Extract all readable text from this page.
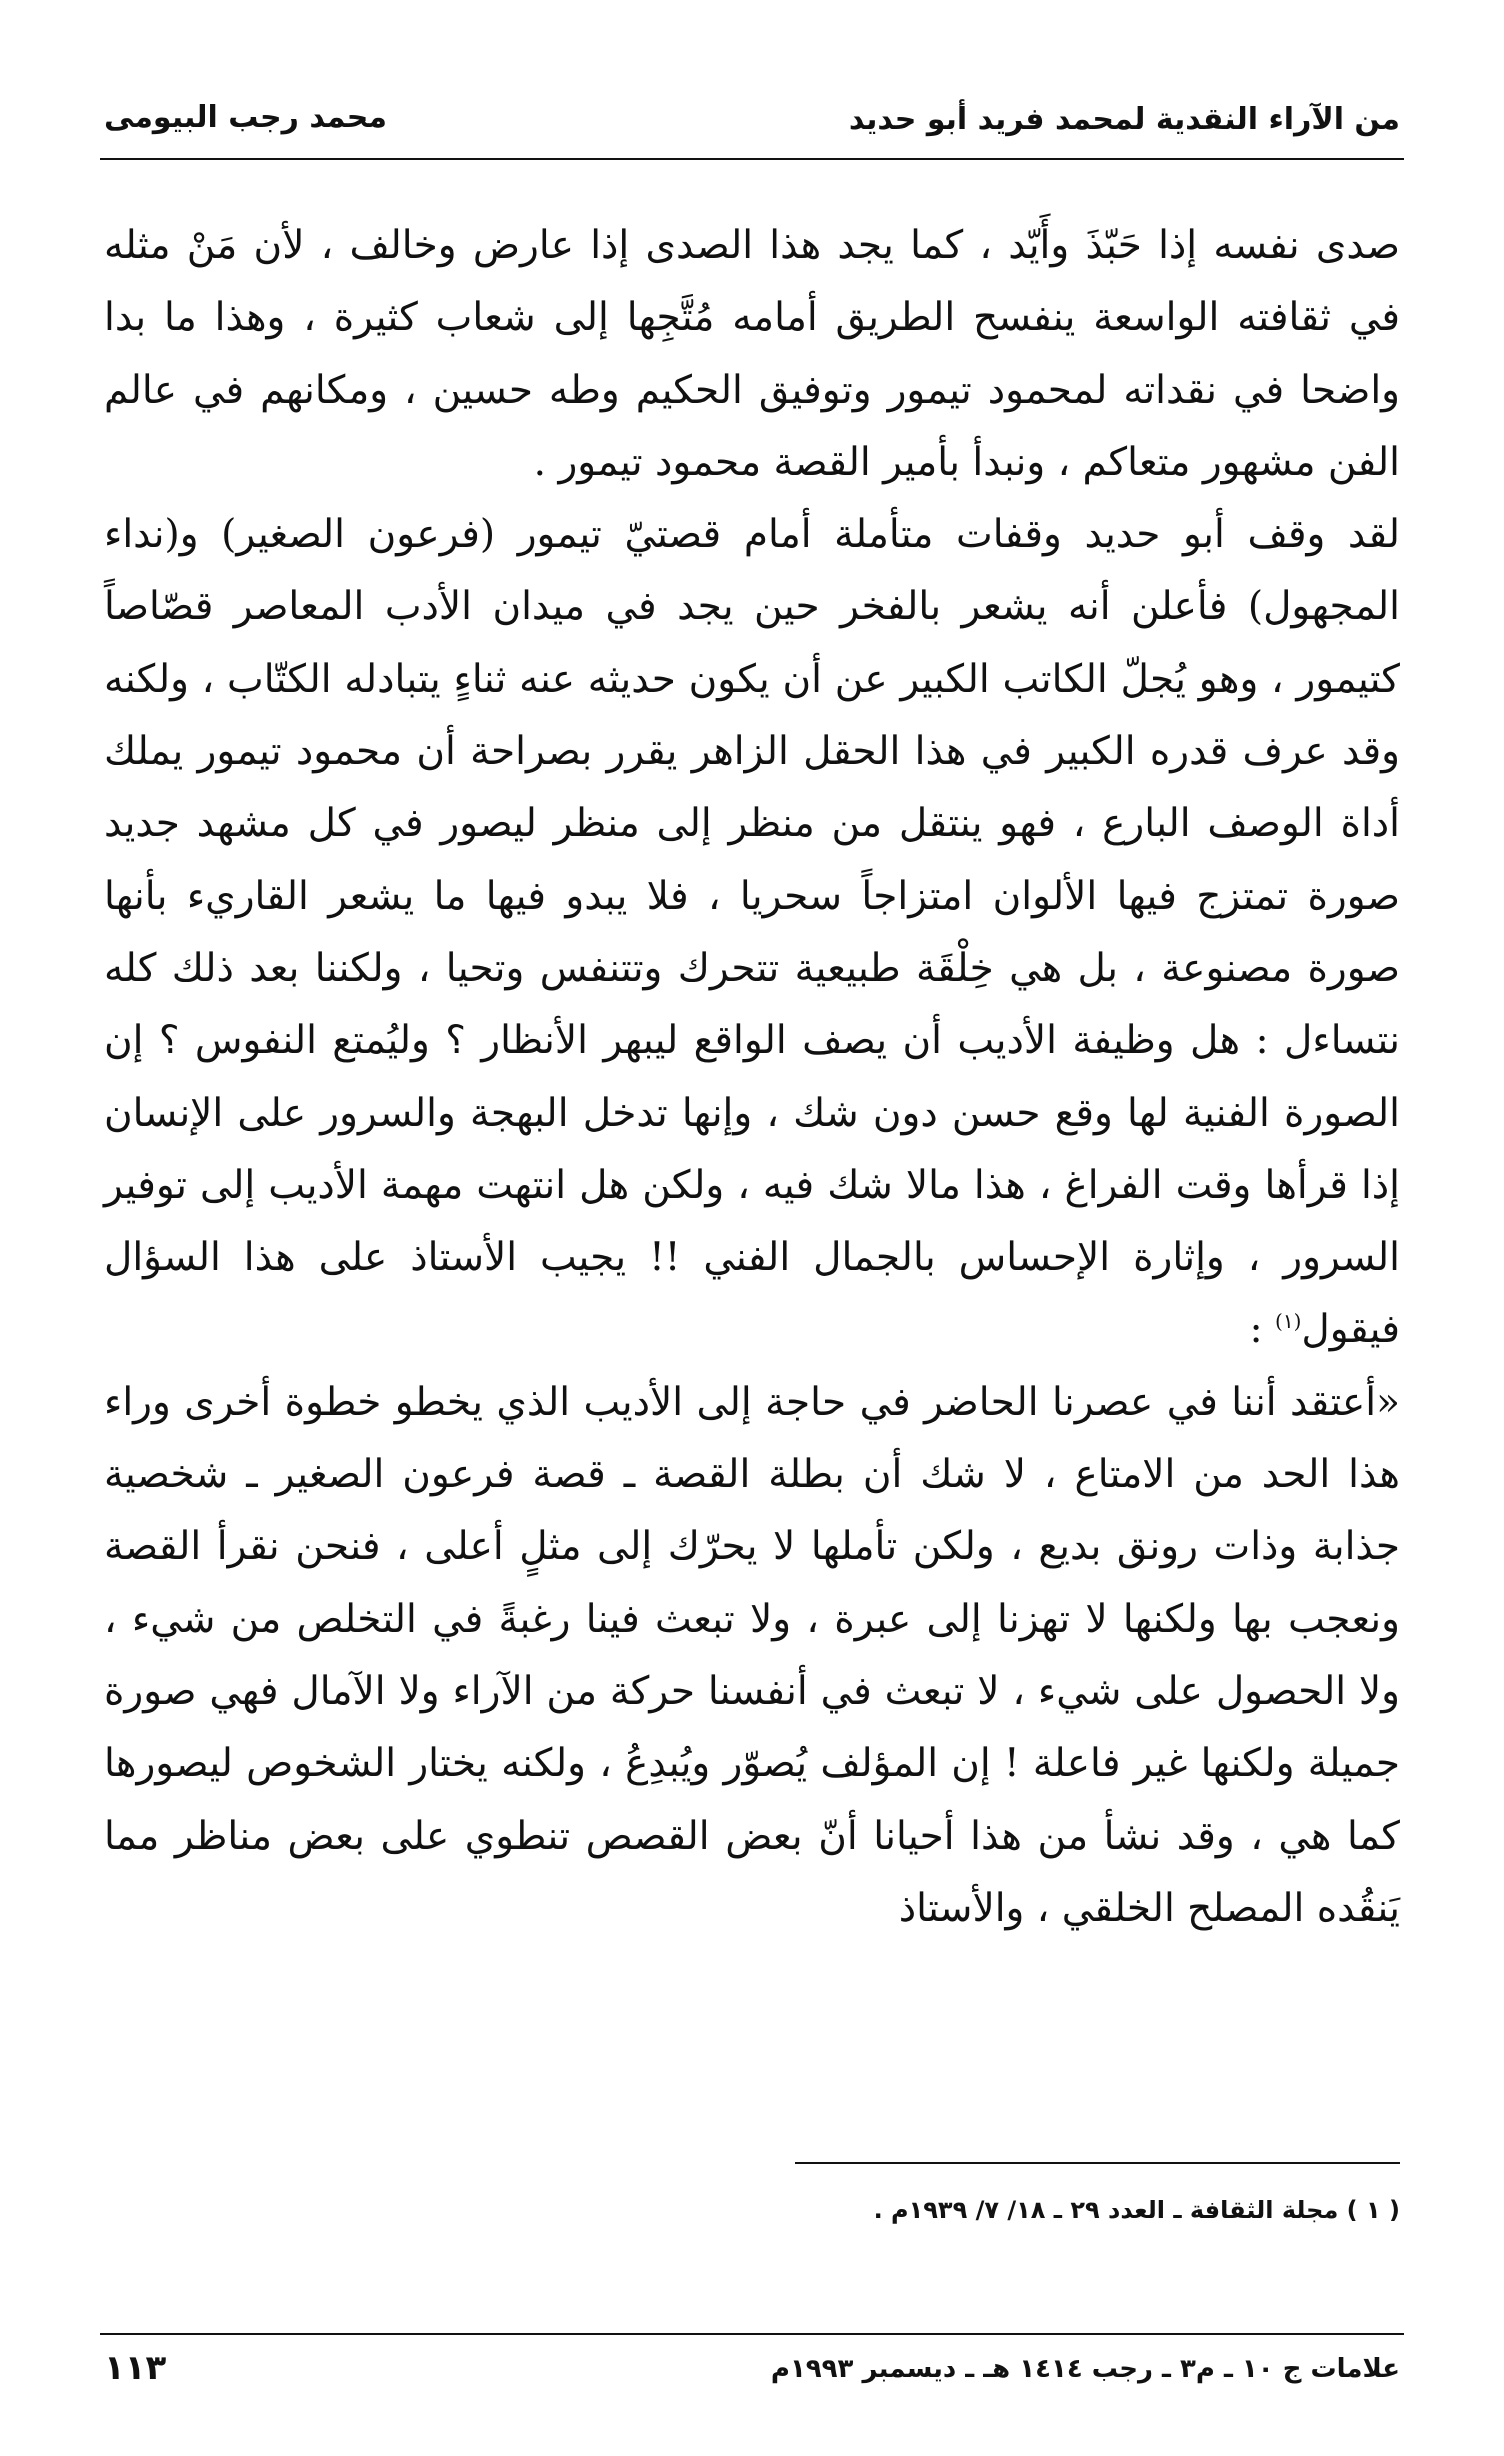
من الآراء النقدية لمحمد فريد أبو حديد
محمد رجب البيومى

صدى نفسه إذا حَبّذَ وأَيّد ، كما يجد هذا الصدى إذا عارض وخالف ، لأن مَنْ مثله في ثقافته الواسعة ينفسح الطريق أمامه مُتَّجِها إلى شعاب كثيرة ، وهذا ما بدا واضحا في نقداته لمحمود تيمور وتوفيق الحكيم وطه حسين ، ومكانهم في عالم الفن مشهور متعاكم ، ونبدأ بأمير القصة محمود تيمور .

لقد وقف أبو حديد وقفات متأملة أمام قصتيّ تيمور (فرعون الصغير) و(نداء المجهول) فأعلن أنه يشعر بالفخر حين يجد في ميدان الأدب المعاصر قصّاصاً كتيمور ، وهو يُجلّ الكاتب الكبير عن أن يكون حديثه عنه ثناءٍ يتبادله الكتّاب ، ولكنه وقد عرف قدره الكبير في هذا الحقل الزاهر يقرر بصراحة أن محمود تيمور يملك أداة الوصف البارع ، فهو ينتقل من منظر إلى منظر ليصور في كل مشهد جديد صورة تمتزج فيها الألوان امتزاجاً سحريا ، فلا يبدو فيها ما يشعر القاريء بأنها صورة مصنوعة ، بل هي خِلْقَة طبيعية تتحرك وتتنفس وتحيا ، ولكننا بعد ذلك كله نتساءل : هل وظيفة الأديب أن يصف الواقع ليبهر الأنظار ؟ وليُمتع النفوس ؟ إن الصورة الفنية لها وقع حسن دون شك ، وإنها تدخل البهجة والسرور على الإنسان إذا قرأها وقت الفراغ ، هذا مالا شك فيه ، ولكن هل انتهت مهمة الأديب إلى توفير السرور ، وإثارة الإحساس بالجمال الفني !! يجيب الأستاذ على هذا السؤال فيقول$^{(١)}$ :

«أعتقد أننا في عصرنا الحاضر في حاجة إلى الأديب الذي يخطو خطوة أخرى وراء هذا الحد من الامتاع ، لا شك أن بطلة القصة ـ قصة فرعون الصغير ـ شخصية جذابة وذات رونق بديع ، ولكن تأملها لا يحرّك إلى مثلٍ أعلى ، فنحن نقرأ القصة ونعجب بها ولكنها لا تهزنا إلى عبرة ، ولا تبعث فينا رغبةً في التخلص من شيء ، ولا الحصول على شيء ، لا تبعث في أنفسنا حركة من الآراء ولا الآمال فهي صورة جميلة ولكنها غير فاعلة ! إن المؤلف يُصوّر ويُبدِعُ ، ولكنه يختار الشخوص ليصورها كما هي ، وقد نشأ من هذا أحيانا أنّ بعض القصص تنطوي على بعض مناظر مما يَنقُده المصلح الخلقي ، والأستاذ

( ١ ) مجلة الثقافة ـ العدد ٢٩ ـ ١٨/ ٧/ ١٩٣٩م .
علامات ج ١٠ ـ م٣ ـ رجب ١٤١٤ هـ ـ ديسمبر ١٩٩٣م
١١٣
